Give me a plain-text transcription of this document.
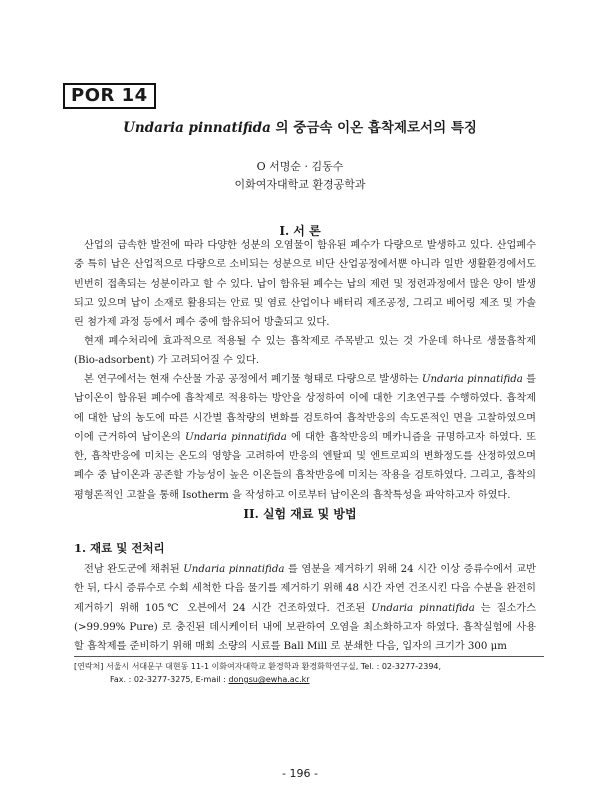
POR 14
Undaria pinnatifida 의 중금속 이온 흡착제로서의 특징
O 서명순 · 김동수
이화여자대학교 환경공학과
I. 서 론

산업의 급속한 발전에 따라 다양한 성분의 오염물이 함유된 폐수가 다량으로 발생하고 있다. 산업폐수 중 특히 납은 산업적으로 다량으로 소비되는 성분으로 비단 산업공정에서뿐 아니라 일반 생활환경에서도 빈번히 접촉되는 성분이라고 할 수 있다. 납이 함유된 폐수는 납의 제련 및 정련과정에서 많은 양이 발생되고 있으며 납이 소재로 활용되는 안료 및 염료 산업이나 배터리 제조공정, 그리고 베어링 제조 및 가솔린 첨가제 과정 등에서 폐수 중에 함유되어 방출되고 있다.

현재 폐수처리에 효과적으로 적용될 수 있는 흡착제로 주목받고 있는 것 가운데 하나로 생물흡착제 (Bio-adsorbent) 가 고려되어질 수 있다.

본 연구에서는 현재 수산물 가공 공정에서 폐기물 형태로 다량으로 발생하는 Undaria pinnatifida 를 납이온이 함유된 폐수에 흡착제로 적용하는 방안을 상정하여 이에 대한 기초연구를 수행하였다. 흡착제에 대한 납의 농도에 따른 시간별 흡착량의 변화를 검토하여 흡착반응의 속도론적인 면을 고찰하였으며 이에 근거하여 납이온의 Undaria pinnatifida 에 대한 흡착반응의 메카니즘을 규명하고자 하였다. 또한, 흡착반응에 미치는 온도의 영향을 고려하여 반응의 엔탈피 및 엔트로피의 변화정도를 산정하였으며 폐수 중 납이온과 공존할 가능성이 높은 이온들의 흡착반응에 미치는 작용을 검토하였다. 그리고, 흡착의 평형론적인 고찰을 통해 Isotherm 을 작성하고 이로부터 납이온의 흡착특성을 파악하고자 하였다.

II. 실험 재료 및 방법
1. 재료 및 전처리

전남 완도군에 채취된 Undaria pinnatifida 를 염분을 제거하기 위해 24 시간 이상 증류수에서 교반한 뒤, 다시 증류수로 수회 세척한 다음 물기를 제거하기 위해 48 시간 자연 건조시킨 다음 수분을 완전히 제거하기 위해 105℃ 오븐에서 24 시간 건조하였다. 건조된 Undaria pinnatifida 는 질소가스 (>99.99% Pure) 로 충진된 데시케이터 내에 보관하여 오염을 최소화하고자 하였다. 흡착실험에 사용할 흡착제를 준비하기 위해 매회 소량의 시료를 Ball Mill 로 분쇄한 다음, 입자의 크기가 300 μm

[연락처] 서울시 서대문구 대현동 11-1 이화여자대학교 환경학과 환경화학연구실, Tel. : 02-3277-2394,
Fax. : 02-3277-3275, E-mail : dongsu@ewha.ac.kr
- 196 -
